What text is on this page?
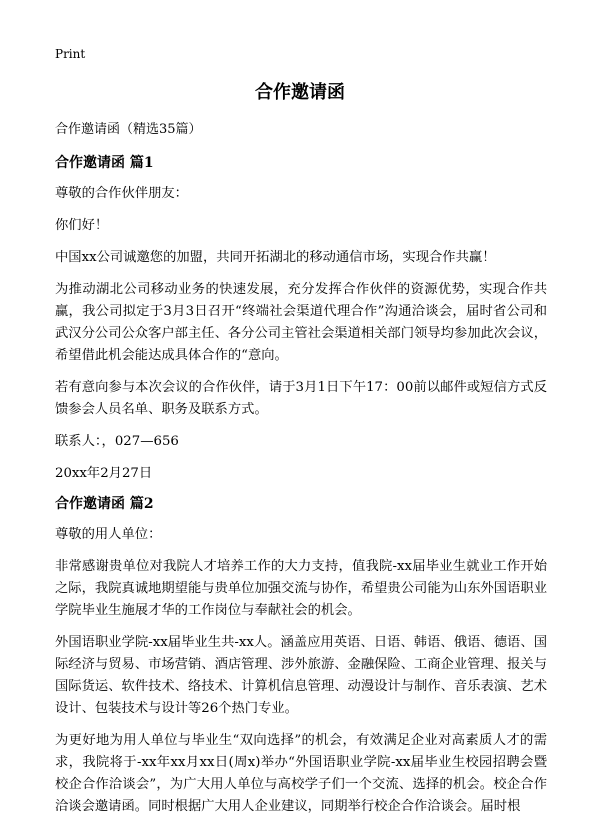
Print
合作邀请函

合作邀请函（精选35篇）

合作邀请函 篇1

尊敬的合作伙伴朋友：

你们好！

中国xx公司诚邀您的加盟，共同开拓湖北的移动通信市场，实现合作共赢！

为推动湖北公司移动业务的快速发展，充分发挥合作伙伴的资源优势，实现合作共赢，我公司拟定于3月3日召开“终端社会渠道代理合作”沟通洽谈会，届时省公司和武汉分公司公众客户部主任、各分公司主管社会渠道相关部门领导均参加此次会议，希望借此机会能达成具体合作的“意向。

若有意向参与本次会议的合作伙伴，请于3月1日下午17：00前以邮件或短信方式反馈参会人员名单、职务及联系方式。

联系人：，027—656

20xx年2月27日

合作邀请函 篇2

尊敬的用人单位：

非常感谢贵单位对我院人才培养工作的大力支持，值我院-xx届毕业生就业工作开始之际，我院真诚地期望能与贵单位加强交流与协作，希望贵公司能为山东外国语职业学院毕业生施展才华的工作岗位与奉献社会的机会。

外国语职业学院-xx届毕业生共-xx人。涵盖应用英语、日语、韩语、俄语、德语、国际经济与贸易、市场营销、酒店管理、涉外旅游、金融保险、工商企业管理、报关与国际货运、软件技术、络技术、计算机信息管理、动漫设计与制作、音乐表演、艺术设计、包装技术与设计等26个热门专业。

为更好地为用人单位与毕业生“双向选择”的机会，有效满足企业对高素质人才的需求，我院将于-xx年xx月xx日(周x)举办“外国语职业学院-xx届毕业生校园招聘会暨校企合作洽谈会”，为广大用人单位与高校学子们一个交流、选择的机会。校企合作洽谈会邀请函。同时根据广大用人企业建议，同期举行校企合作洽谈会。届时根
